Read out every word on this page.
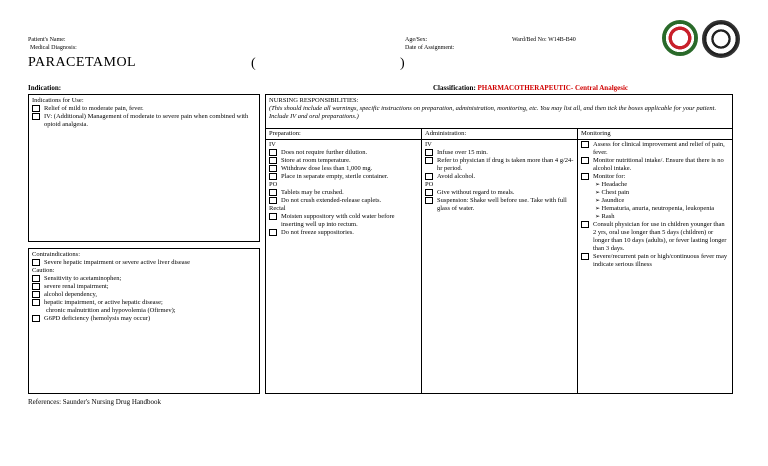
Patient's Name:
Medical Diagnosis:
PARACETAMOL	(	)
Age/Sex:
Date of Assignment:
Ward/Bed No: W14B-B40
Indication:	Classification: PHARMACOTHERAPEUTIC- Central Analgesic
Indications for Use:
Relief of mild to moderate pain, fever.
IV: (Additional) Management of moderate to severe pain when combined with opioid analgesia.
Contraindications:
Severe hepatic impairment or severe active liver disease
Caution:
Sensitivity to acetaminophen;
severe renal impairment;
alcohol dependency,
hepatic impairment, or active hepatic disease;
chronic malnutrition and hypovolemia (Ofirmev);
G6PD deficiency (hemolysis may occur)
NURSING RESPONSIBILITIES:
(This should include all warnings, specific instructions on preparation, administration, monitoring, etc. You may list all, and then tick the boxes applicable for your patient. Include IV and oral preparations.)
Preparation:
IV
Does not require further dilution.
Store at room temperature.
Withdraw dose less than 1,000 mg.
Place in separate empty, sterile container.
PO
Tablets may be crushed.
Do not crush extended-release caplets.
Rectal
Moisten suppository with cold water before inserting well up into rectum.
Do not freeze suppositories.
Administration:
IV
Infuse over 15 min.
Refer to physician if drug is taken more than 4 g/24-hr period.
Avoid alcohol.
PO
Give without regard to meals.
Suspension: Shake well before use. Take with full glass of water.
Monitoring
Assess for clinical improvement and relief of pain, fever.
Monitor nutritional intake/. Ensure that there is no alcohol intake.
Monitor for:
➢ Headache
➢ Chest pain
➢ Jaundice
➢ Hematuria, anuria, neutropenia, leukopenia
➢ Rash
Consult physician for use in children younger than 2 yrs, oral use longer than 5 days (children) or longer than 10 days (adults), or fever lasting longer than 3 days.
Severe/recurrent pain or high/continuous fever may indicate serious illness
References: Saunder's Nursing Drug Handbook
